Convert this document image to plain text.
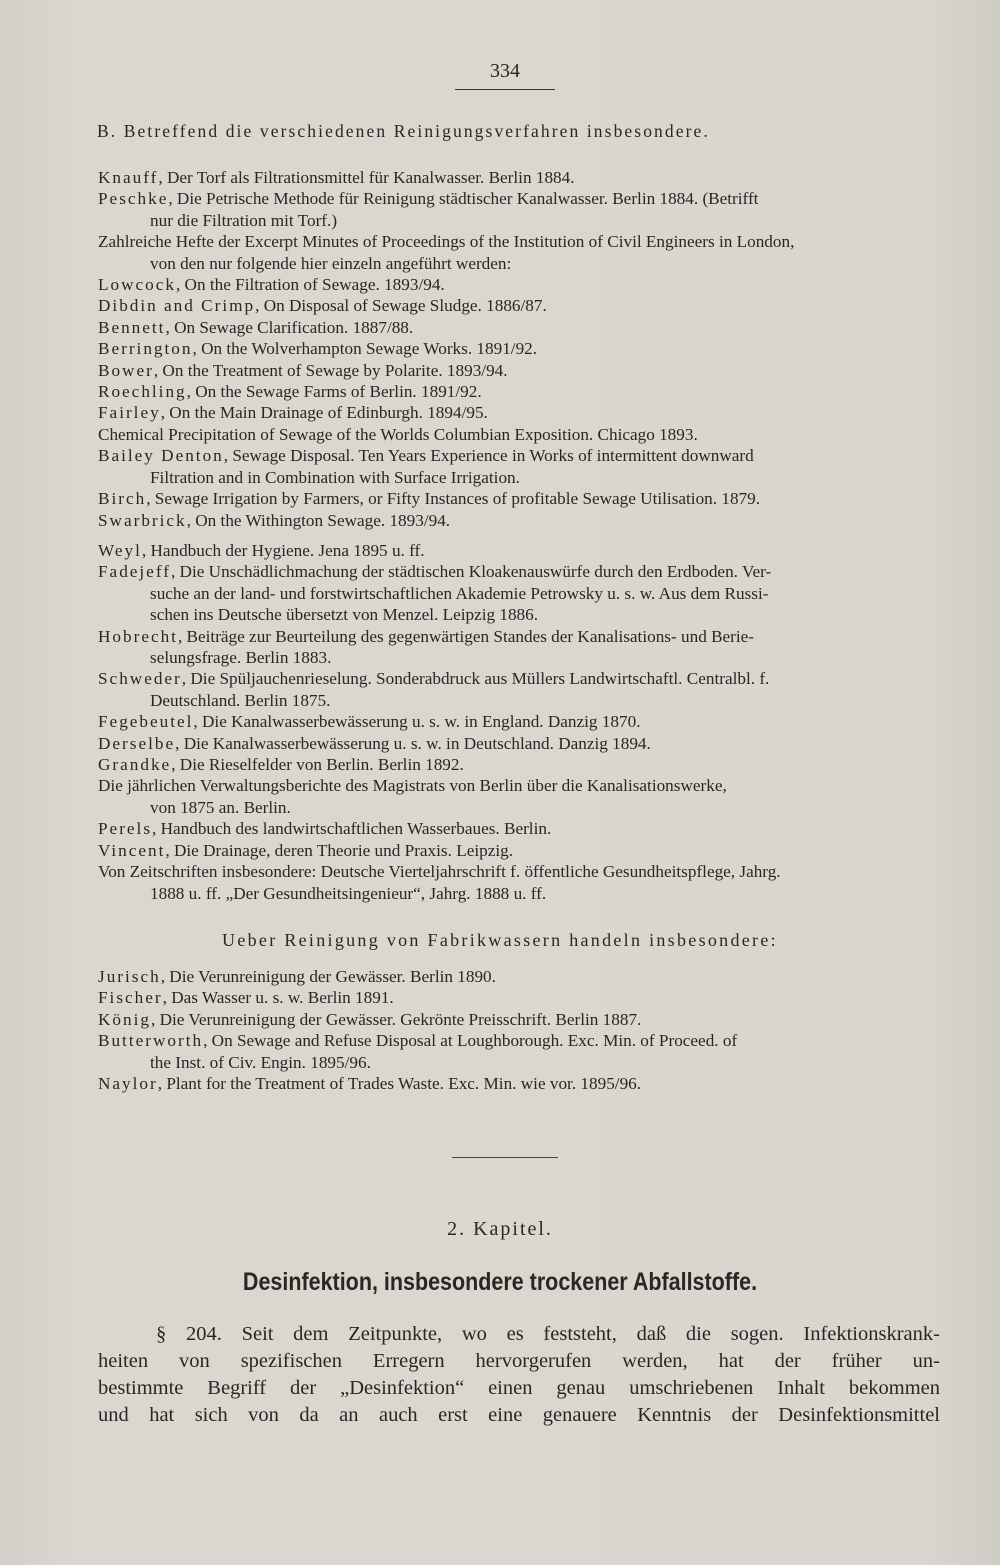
334
B. Betreffend die verschiedenen Reinigungsverfahren insbesondere.
Knauff, Der Torf als Filtrationsmittel für Kanalwasser. Berlin 1884.
Peschke, Die Petrische Methode für Reinigung städtischer Kanalwasser. Berlin 1884. (Betrifft
nur die Filtration mit Torf.)
Zahlreiche Hefte der Excerpt Minutes of Proceedings of the Institution of Civil Engineers in London,
von den nur folgende hier einzeln angeführt werden:
Lowcock, On the Filtration of Sewage. 1893/94.
Dibdin and Crimp, On Disposal of Sewage Sludge. 1886/87.
Bennett, On Sewage Clarification. 1887/88.
Berrington, On the Wolverhampton Sewage Works. 1891/92.
Bower, On the Treatment of Sewage by Polarite. 1893/94.
Roechling, On the Sewage Farms of Berlin. 1891/92.
Fairley, On the Main Drainage of Edinburgh. 1894/95.
Chemical Precipitation of Sewage of the Worlds Columbian Exposition. Chicago 1893.
Bailey Denton, Sewage Disposal. Ten Years Experience in Works of intermittent downward
Filtration and in Combination with Surface Irrigation.
Birch, Sewage Irrigation by Farmers, or Fifty Instances of profitable Sewage Utilisation. 1879.
Swarbrick, On the Withington Sewage. 1893/94.
Weyl, Handbuch der Hygiene. Jena 1895 u. ff.
Fadejeff, Die Unschädlichmachung der städtischen Kloakenauswürfe durch den Erdboden. Ver-
suche an der land- und forstwirtschaftlichen Akademie Petrowsky u. s. w. Aus dem Russi-
schen ins Deutsche übersetzt von Menzel. Leipzig 1886.
Hobrecht, Beiträge zur Beurteilung des gegenwärtigen Standes der Kanalisations- und Berie-
selungsfrage. Berlin 1883.
Schweder, Die Spüljauchenrieselung. Sonderabdruck aus Müllers Landwirtschaftl. Centralbl. f.
Deutschland. Berlin 1875.
Fegebeutel, Die Kanalwasserbewässerung u. s. w. in England. Danzig 1870.
Derselbe, Die Kanalwasserbewässerung u. s. w. in Deutschland. Danzig 1894.
Grandke, Die Rieselfelder von Berlin. Berlin 1892.
Die jährlichen Verwaltungsberichte des Magistrats von Berlin über die Kanalisationswerke,
von 1875 an. Berlin.
Perels, Handbuch des landwirtschaftlichen Wasserbaues. Berlin.
Vincent, Die Drainage, deren Theorie und Praxis. Leipzig.
Von Zeitschriften insbesondere: Deutsche Vierteljahrschrift f. öffentliche Gesundheitspflege, Jahrg.
1888 u. ff. „Der Gesundheitsingenieur“, Jahrg. 1888 u. ff.
Ueber Reinigung von Fabrikwassern handeln insbesondere:
Jurisch, Die Verunreinigung der Gewässer. Berlin 1890.
Fischer, Das Wasser u. s. w. Berlin 1891.
König, Die Verunreinigung der Gewässer. Gekrönte Preisschrift. Berlin 1887.
Butterworth, On Sewage and Refuse Disposal at Loughborough. Exc. Min. of Proceed. of
the Inst. of Civ. Engin. 1895/96.
Naylor, Plant for the Treatment of Trades Waste. Exc. Min. wie vor. 1895/96.
2. Kapitel.
Desinfektion, insbesondere trockener Abfallstoffe.
§ 204. Seit dem Zeitpunkte, wo es feststeht, daß die sogen. Infektionskrank-
heiten von spezifischen Erregern hervorgerufen werden, hat der früher un-
bestimmte Begriff der „Desinfektion“ einen genau umschriebenen Inhalt bekommen
und hat sich von da an auch erst eine genauere Kenntnis der Desinfektionsmittel
